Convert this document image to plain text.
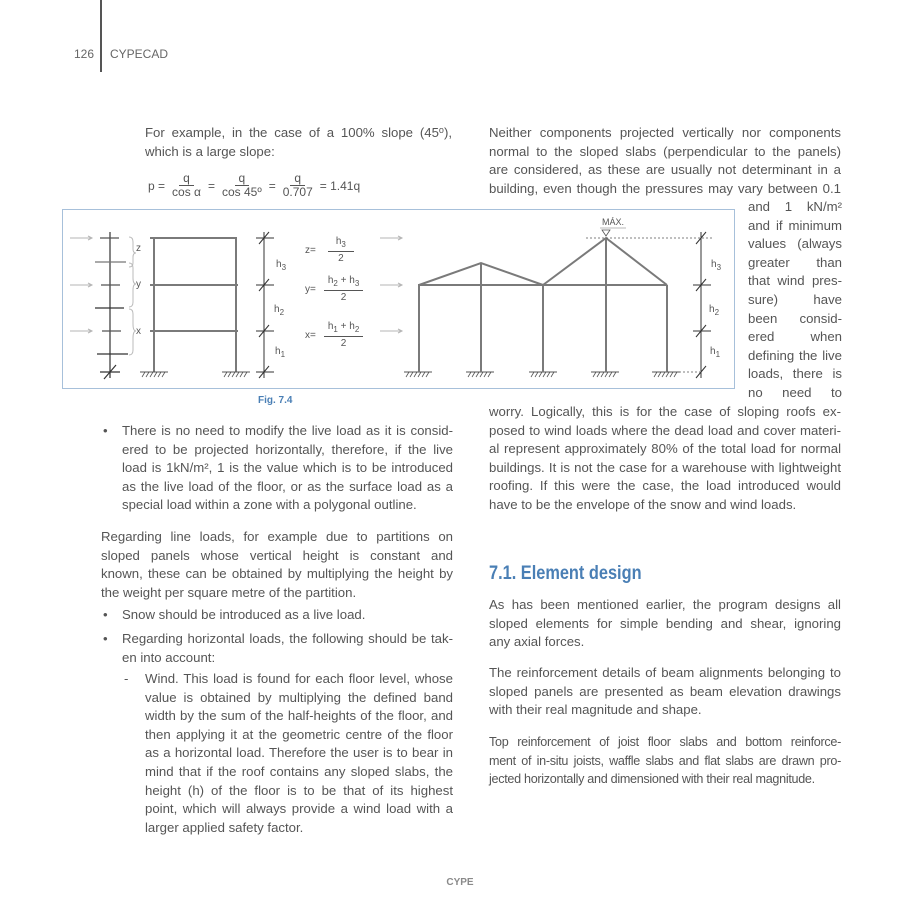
126 CYPECAD
For example, in the case of a 100% slope (45$^o$),
which is a large slope:
$p = \frac{q}{\text{cos α}} = \frac{q}{\text{cos 45º}} = \frac{q}{0.707} = 1.41q$
Neither components projected vertically nor components
normal to the sloped slabs (perpendicular to the panels)
are considered, as these are usually not determinant in a
building, even though the pressures may vary between 0.1
and 1 kN/m²
and if minimum
values (always
greater than
that wind pres-
sure) have
been consid-
ered when
defining the live
loads, there is
no need to
worry. Logically, this is for the case of sloping roofs ex-
posed to wind loads where the dead load and cover materi-
al represent approximately 80% of the total load for normal
buildings. It is not the case for a warehouse with lightweight
roofing. If this were the case, the load introduced would
have to be the envelope of the snow and wind loads.
z
y
x
$h_3$
$h_2$
$h_1$
$h_3$
$h_2$
$h_1$
MÁX.
$z= \frac{h_3}{2}$
$y= \frac{h_2 + h_3}{2}$
$x= \frac{h_1 + h_2}{2}$
Fig. 7.4
• There is no need to modify the live load as it is consid-
ered to be projected horizontally, therefore, if the live
load is 1kN/m², 1 is the value which is to be introduced
as the live load of the floor, or as the surface load as a
special load within a zone with a polygonal outline.
Regarding line loads, for example due to partitions on
sloped panels whose vertical height is constant and
known, these can be obtained by multiplying the height by
the weight per square metre of the partition.
• Snow should be introduced as a live load.
• Regarding horizontal loads, the following should be tak-
en into account:
- Wind. This load is found for each floor level, whose
value is obtained by multiplying the defined band
width by the sum of the half-heights of the floor, and
then applying it at the geometric centre of the floor
as a horizontal load. Therefore the user is to bear in
mind that if the roof contains any sloped slabs, the
height (h) of the floor is to be that of its highest
point, which will always provide a wind load with a
larger applied safety factor.
7.1. Element design
As has been mentioned earlier, the program designs all
sloped elements for simple bending and shear, ignoring
any axial forces.
The reinforcement details of beam alignments belonging to
sloped panels are presented as beam elevation drawings
with their real magnitude and shape.
Top reinforcement of joist floor slabs and bottom reinforce-
ment of in-situ joists, waffle slabs and flat slabs are drawn pro-
jected horizontally and dimensioned with their real magnitude.
CYPE
